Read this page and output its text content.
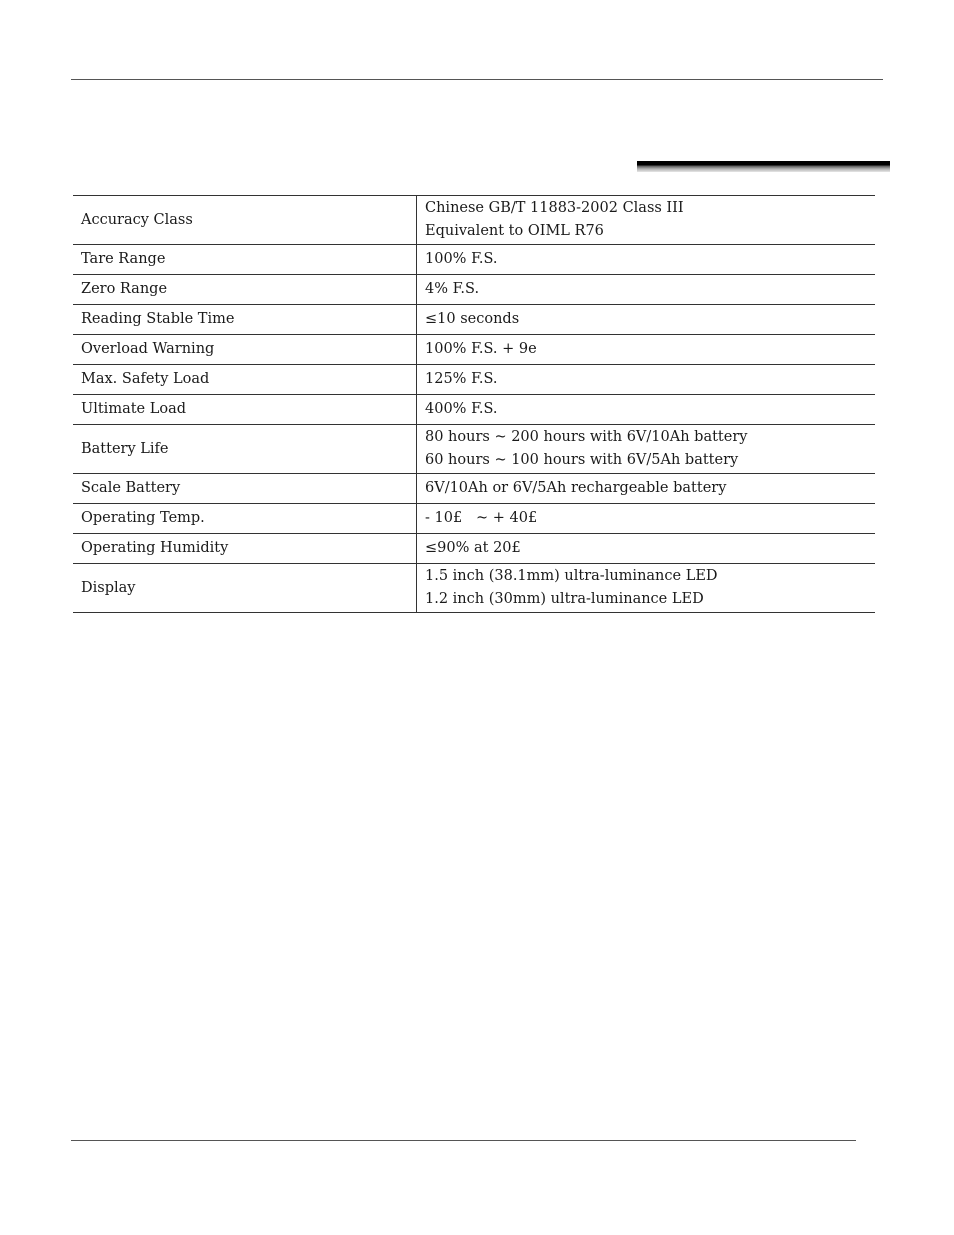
Accuracy Class	Chinese GB/T 11883-2002 Class III
Equivalent to OIML R76

Tare Range	100% F.S.
Zero Range	4% F.S.
Reading Stable Time	≤10 seconds
Overload Warning	100% F.S. + 9e
Max. Safety Load	125% F.S.
Ultimate Load	400% F.S.
Battery Life	80 hours ~ 200 hours with 6V/10Ah battery
60 hours ~ 100 hours with 6V/5Ah battery

Scale Battery	6V/10Ah or 6V/5Ah rechargeable battery
Operating Temp.	- 10£   ~ + 40£
Operating Humidity	≤90% at 20£
Display	1.5 inch (38.1mm) ultra-luminance LED
1.2 inch (30mm) ultra-luminance LED
